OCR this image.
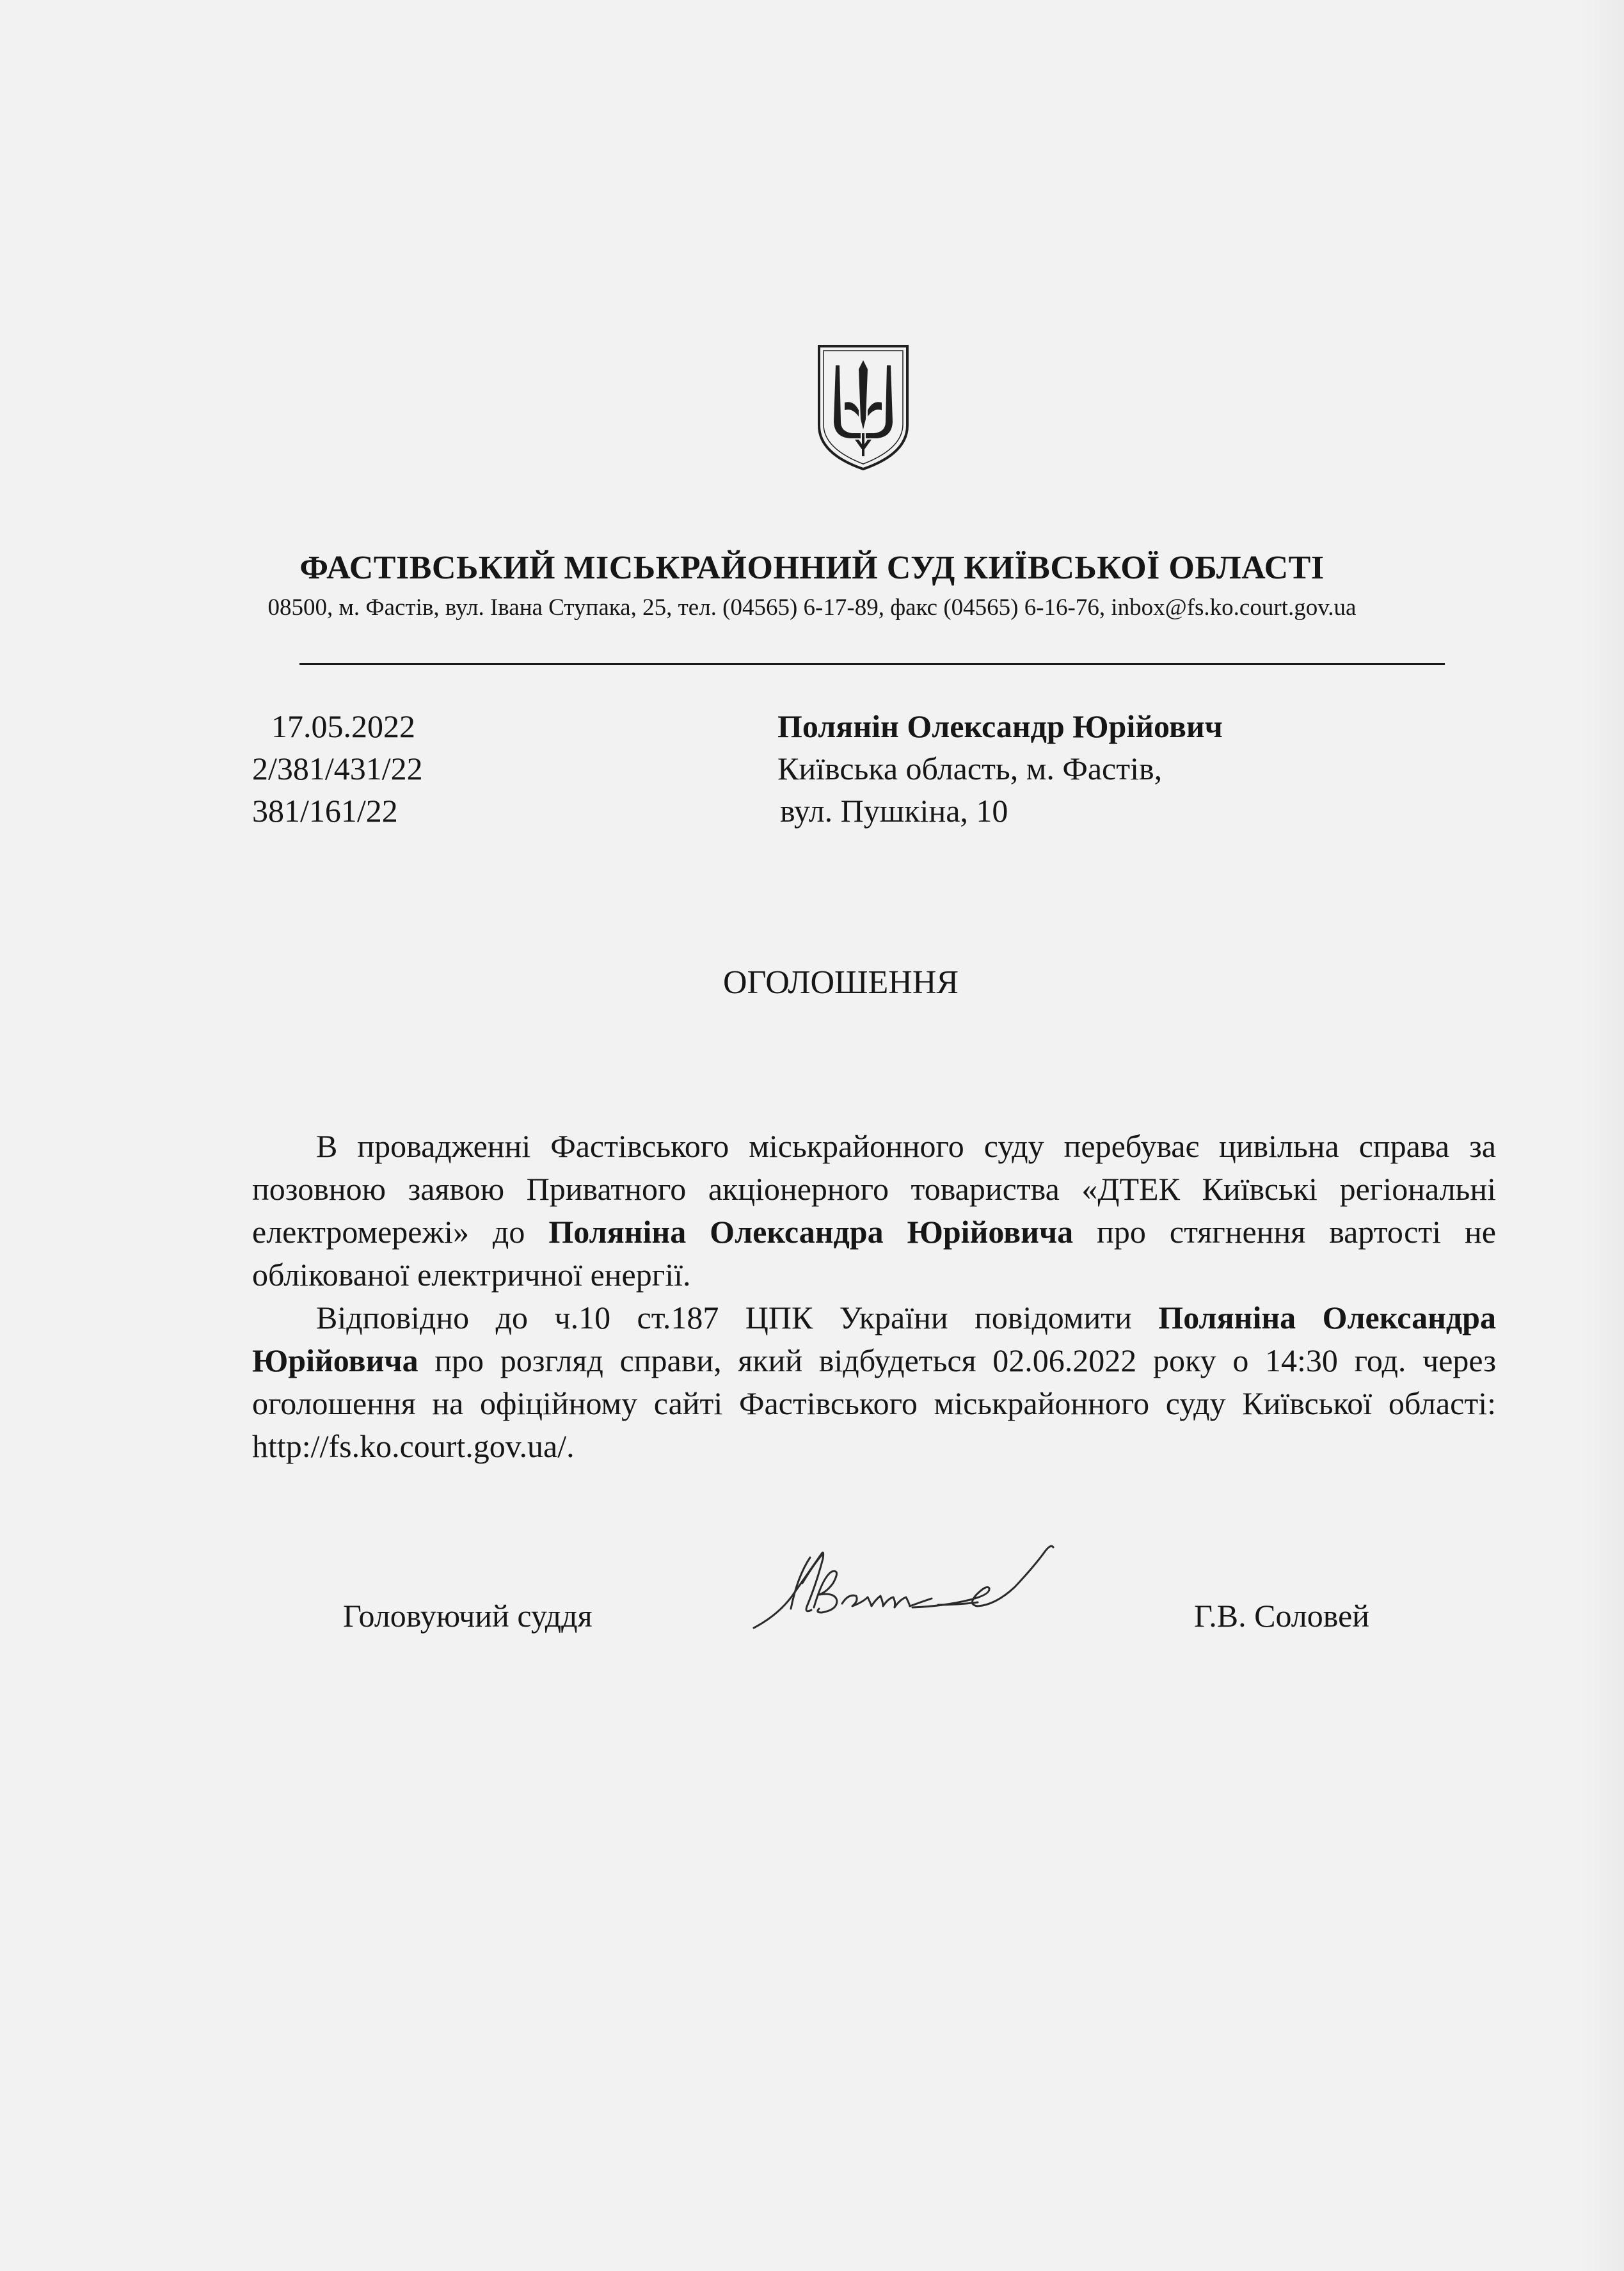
ФАСТІВСЬКИЙ МІСЬКРАЙОННИЙ СУД КИЇВСЬКОЇ ОБЛАСТІ
08500, м. Фастів, вул. Івана Ступака, 25, тел. (04565) 6-17-89, факс (04565) 6-16-76, inbox@fs.ko.court.gov.ua
17.05.2022
2/381/431/22
381/161/22
Полянін Олександр Юрійович
Київська область, м. Фастів,
вул. Пушкіна, 10
ОГОЛОШЕННЯ

В провадженні Фастівського міськрайонного суду перебуває цивільна справа за позовною заявою Приватного акціонерного товариства «ДТЕК Київські регіональні електромережі» до Поляніна Олександра Юрійовича про стягнення вартості не облікованої електричної енергії.

Відповідно до ч.10 ст.187 ЦПК України повідомити Поляніна Олександра Юрійовича про розгляд справи, який відбудеться 02.06.2022 року о 14:30 год. через оголошення на офіційному сайті Фастівського міськрайонного суду Київської області: http://fs.ko.court.gov.ua/.

Головуючий суддя	Г.В. Соловей
